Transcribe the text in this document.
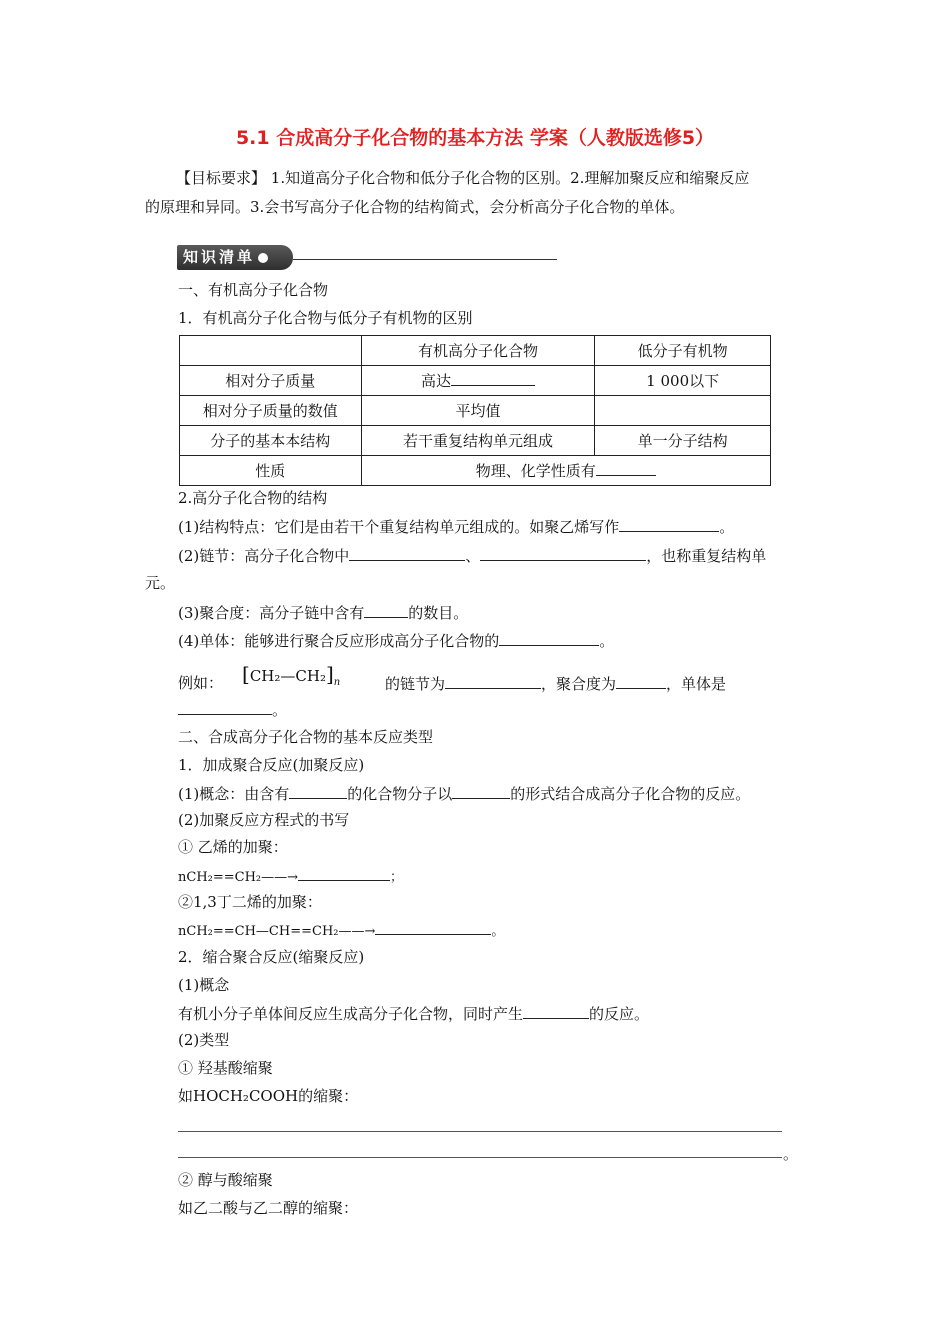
5.1 合成高分子化合物的基本方法 学案（人教版选修5）
【目标要求】 1.知道高分子化合物和低分子化合物的区别。2.理解加聚反应和缩聚反应
的原理和异同。3.会书写高分子化合物的结构简式，会分析高分子化合物的单体。
知识清单
一、有机高分子化合物
1．有机高分子化合物与低分子有机物的区别
	有机高分子化合物	低分子有机物
相对分子质量	高达	1 000以下
相对分子质量的数值	平均值	
分子的基本本结构	若干重复结构单元组成	单一分子结构
性质	物理、化学性质有	
2.高分子化合物的结构
(1)结构特点：它们是由若干个重复结构单元组成的。如聚乙烯写作	。
(2)链节：高分子化合物中	、	，也称重复结构单
元。
(3)聚合度：高分子链中含有	的数目。
(4)单体：能够进行聚合反应形成高分子化合物的	。
例如： $[CH_2—CH_2]_n$	的链节为	，聚合度为	，单体是
。
二、合成高分子化合物的基本反应类型
1．加成聚合反应(加聚反应)
(1)概念：由含有	的化合物分子以	的形式结合成高分子化合物的反应。
(2)加聚反应方程式的书写
① 乙烯的加聚：
nCH₂==CH₂——→	；
②1,3丁二烯的加聚：
nCH₂==CH—CH==CH₂——→	。
2．缩合聚合反应(缩聚反应)
(1)概念
有机小分子单体间反应生成高分子化合物，同时产生	的反应。
(2)类型
① 羟基酸缩聚
如HOCH₂COOH的缩聚：
。
② 醇与酸缩聚
如乙二酸与乙二醇的缩聚：
